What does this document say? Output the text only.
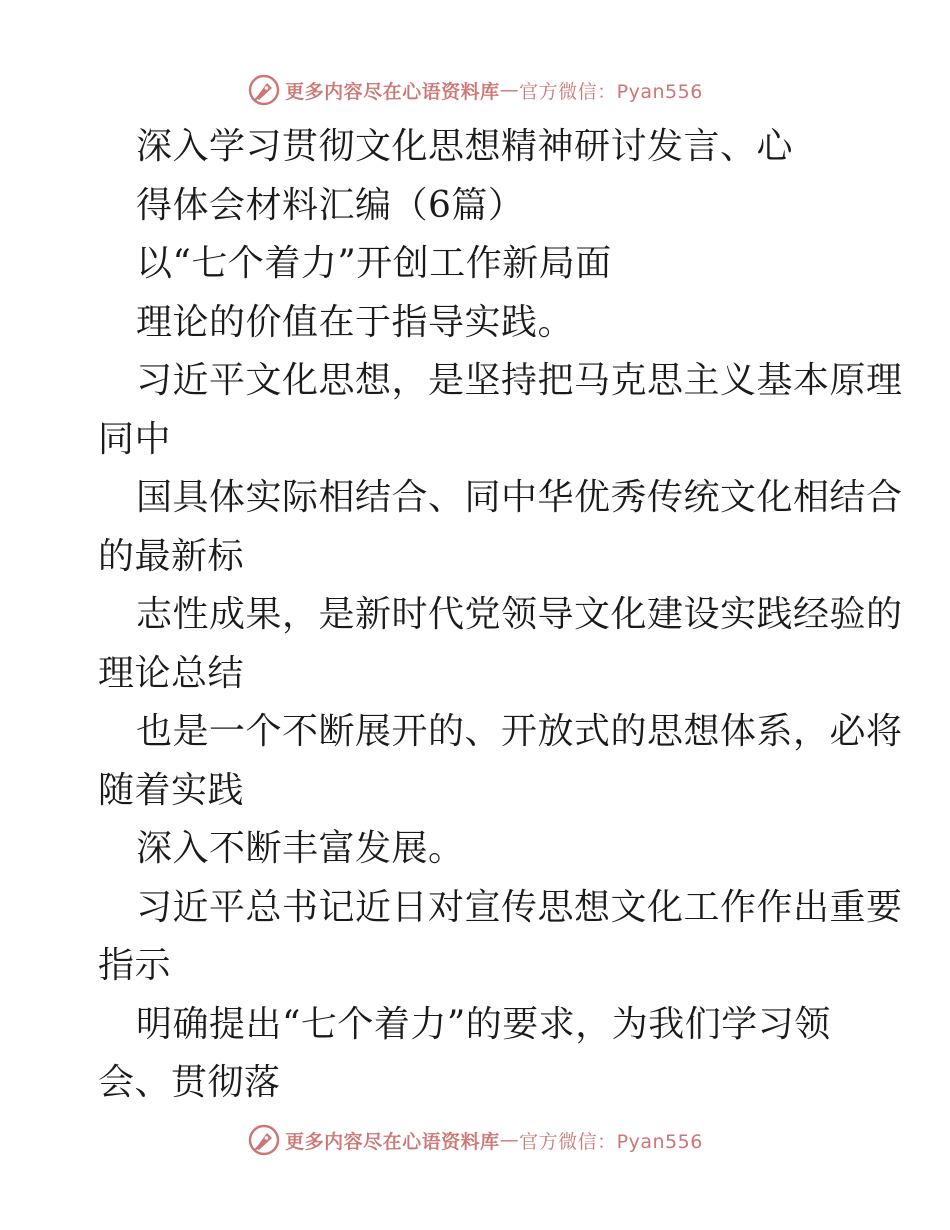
更多内容尽在心语资料库 — 官方微信：Pyan556
深入学习贯彻文化思想精神研讨发言、心
得体会材料汇编（6篇）
以“七个着力”开创工作新局面
理论的价值在于指导实践。
习近平文化思想，是坚持把马克思主义基本原理
同中
国具体实际相结合、同中华优秀传统文化相结合
的最新标
志性成果，是新时代党领导文化建设实践经验的
理论总结
也是一个不断展开的、开放式的思想体系，必将
随着实践
深入不断丰富发展。
习近平总书记近日对宣传思想文化工作作出重要
指示
明确提出“七个着力”的要求，为我们学习领
会、贯彻落
更多内容尽在心语资料库 — 官方微信：Pyan556
